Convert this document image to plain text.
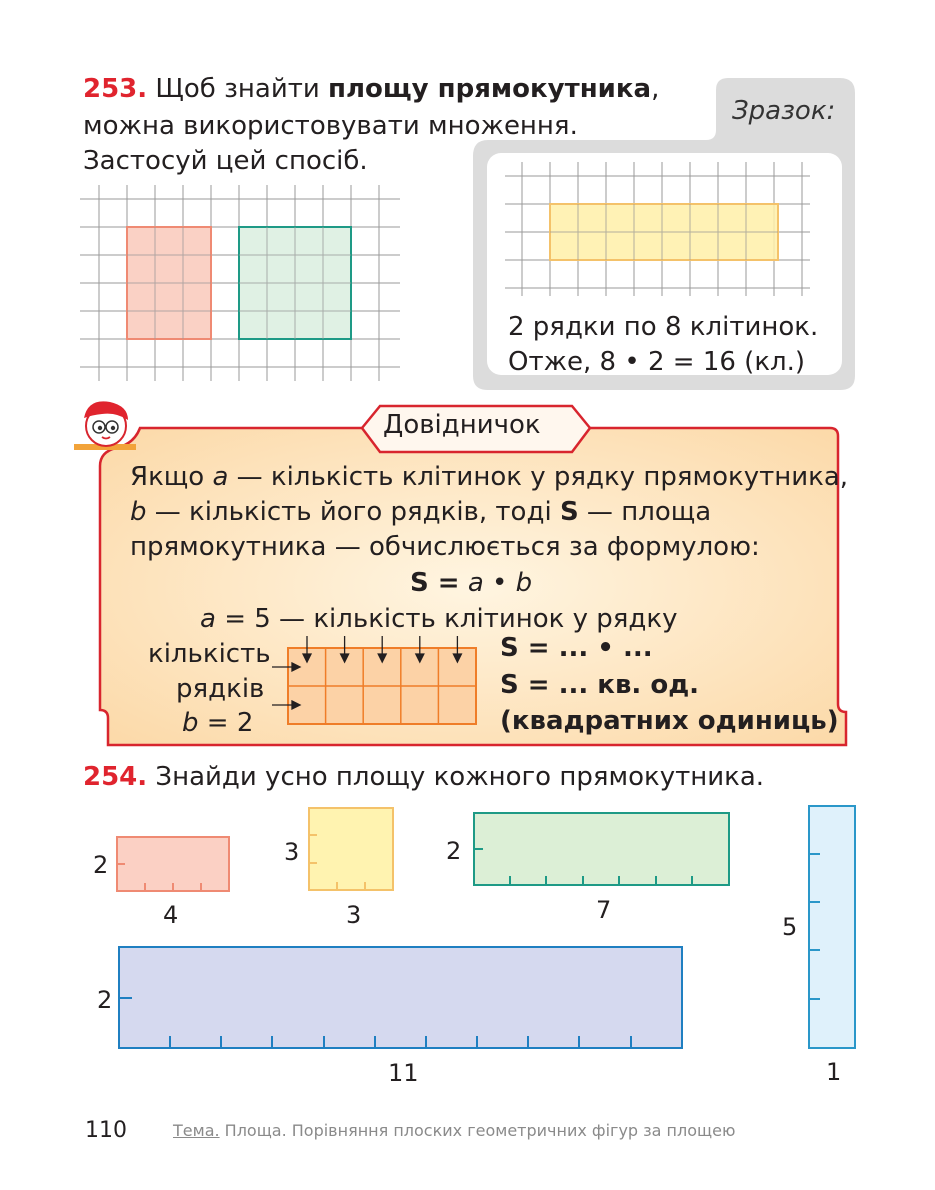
253. Щоб знайти площу прямокутника,
можна використовувати множення.
Застосуй цей спосіб.
Зразок:
2 рядки по 8 клітинок.
Отже, 8 • 2 = 16 (кл.)
Довідничок
Якщо a — кількість клітинок у рядку прямокутника,
b — кількість його рядків, тоді S — площа
прямокутника — обчислюється за формулою:
S = a • b
a = 5 — кількість клітинок у рядку
кількість
рядків
b = 2
S = ... • ...
S = ... кв. од.
(квадратних одиниць)
254. Знайди усно площу кожного прямокутника.
2
4
3
3
2
7
5
1
2
11
110	Тема. Площа. Порівняння плоских геометричних фігур за площею
